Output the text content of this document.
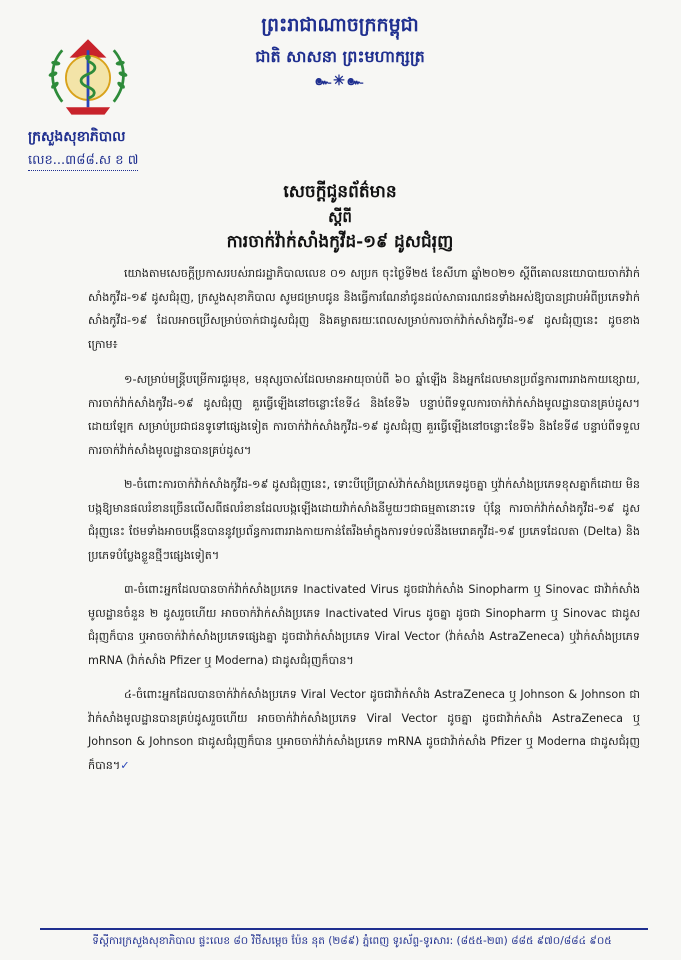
ក្រសួងសុខាភិបាល
លេខ...៣៨៨.ស ខ ៧
ព្រះរាជាណាចក្រកម្ពុជា
ជាតិ សាសនា ព្រះមហាក្សត្រ
๛✳๛
សេចក្ដីជូនព័ត៌មាន
ស្ដីពី
ការចាក់វ៉ាក់សាំងកូវីដ-១៩ ដូសជំរុញ

យោងតាមសេចក្ដីប្រកាសរបស់រាជរដ្ឋាភិបាលលេខ ០១ សប្រក ចុះថ្ងៃទី២៥ ខែសីហា ឆ្នាំ២០២១ ស្ដីពីគោលនយោបាយចាក់វ៉ាក់សាំងកូវីដ-១៩ ដូសជំរុញ, ក្រសួងសុខាភិបាល សូមជម្រាបជូន និងធ្វើការណែនាំជូនដល់សាធារណជនទាំងអស់ឱ្យបានជ្រាបអំពីប្រភេទវ៉ាក់សាំងកូវីដ-១៩ ដែលអាចប្រើសម្រាប់ចាក់ជាដូសជំរុញ និងគម្លាតរយៈពេលសម្រាប់ការចាក់វ៉ាក់សាំងកូវីដ-១៩ ដូសជំរុញនេះ ដូចខាងក្រោម៖

១-សម្រាប់មន្ត្រីបម្រើការជួរមុខ, មនុស្សចាស់ដែលមានអាយុចាប់ពី ៦០ ឆ្នាំឡើង និងអ្នកដែលមានប្រព័ន្ធការពាររាងកាយខ្សោយ, ការចាក់វ៉ាក់សាំងកូវីដ-១៩ ដូសជំរុញ គួរធ្វើឡើងនៅចន្លោះខែទី៤ និងខែទី៦ បន្ទាប់ពីទទួលការចាក់វ៉ាក់សាំងមូលដ្ឋានបានគ្រប់ដូស។ ដោយឡែក សម្រាប់ប្រជាជនទូទៅផ្សេងទៀត ការចាក់វ៉ាក់សាំងកូវីដ-១៩ ដូសជំរុញ គួរធ្វើឡើងនៅចន្លោះខែទី៦ និងខែទី៨ បន្ទាប់ពីទទួលការចាក់វ៉ាក់សាំងមូលដ្ឋានបានគ្រប់ដូស។

២-ចំពោះការចាក់វ៉ាក់សាំងកូវីដ-១៩ ដូសជំរុញនេះ, ទោះបីប្រើប្រាស់វ៉ាក់សាំងប្រភេទដូចគ្នា ឬវ៉ាក់សាំងប្រភេទខុសគ្នាក៏ដោយ មិនបង្កឱ្យមានផលរំខានច្រើនលើសពីផលរំខានដែលបង្កឡើងដោយវ៉ាក់សាំងនីមួយៗជាធម្មតានោះទេ ប៉ុន្តែ ការចាក់វ៉ាក់សាំងកូវីដ-១៩ ដូសជំរុញនេះ ថែមទាំងអាចបង្កើនបាននូវប្រព័ន្ធការពាររាងកាយកាន់តែរឹងមាំក្នុងការទប់ទល់នឹងមេរោគកូវីដ-១៩ ប្រភេទដែលតា (Delta) និងប្រភេទបំប្លែងខ្លួនថ្មីៗផ្សេងទៀត។

៣-ចំពោះអ្នកដែលបានចាក់វ៉ាក់សាំងប្រភេទ Inactivated Virus ដូចជាវ៉ាក់សាំង Sinopharm ឬ Sinovac ជាវ៉ាក់សាំងមូលដ្ឋានចំនួន ២ ដូសរួចហើយ អាចចាក់វ៉ាក់សាំងប្រភេទ Inactivated Virus ដូចគ្នា ដូចជា Sinopharm ឬ Sinovac ជាដូសជំរុញក៏បាន ឬអាចចាក់វ៉ាក់សាំងប្រភេទផ្សេងគ្នា ដូចជាវ៉ាក់សាំងប្រភេទ Viral Vector (វ៉ាក់សាំង AstraZeneca) ឬវ៉ាក់សាំងប្រភេទ mRNA (វ៉ាក់សាំង Pfizer ឬ Moderna) ជាដូសជំរុញក៏បាន។

៤-ចំពោះអ្នកដែលបានចាក់វ៉ាក់សាំងប្រភេទ Viral Vector ដូចជាវ៉ាក់សាំង AstraZeneca ឬ Johnson & Johnson ជាវ៉ាក់សាំងមូលដ្ឋានបានគ្រប់ដូសរួចហើយ អាចចាក់វ៉ាក់សាំងប្រភេទ Viral Vector ដូចគ្នា ដូចជាវ៉ាក់សាំង AstraZeneca ឬ Johnson & Johnson ជាដូសជំរុញក៏បាន ឬអាចចាក់វ៉ាក់សាំងប្រភេទ mRNA ដូចជាវ៉ាក់សាំង Pfizer ឬ Moderna ជាដូសជំរុញក៏បាន។✓

ទីស្ដីការក្រសួងសុខាភិបាល ផ្ទះលេខ ៨០ វិថីសម្ដេច ប៉ែន នុត (២៨៩) ភ្នំពេញ ទូរស័ព្ទ-ទូរសារ: (៨៥៥-២៣) ៨៨៥ ៩៧០/៨៨៤ ៩០៥
